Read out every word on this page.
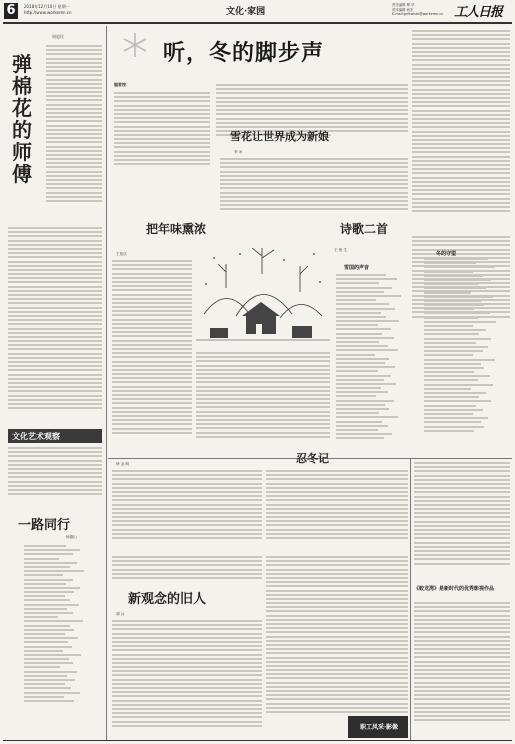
6	2018年12月10日 星期一
http://www.workeren.cn	文化·家园
责任编辑 覃 华
美术编辑 尚宏
E-mail:grfkwhzk@workeren.cn 工人日报
周思民
弹棉花的师傅
文化艺术观察
一路同行
杨德山
听，冬的脚步声
编者按：
雪花让世界成为新娘
李 冰
把年味熏浓	诗歌二首
王桂庆
王 贵 生
雪国的声音
冬的守望
徐 金 明	忍冬记
新观念的旧人
胡 兵
《蛟龙湾》是新时代的优秀影视作品
职工风采·影像
